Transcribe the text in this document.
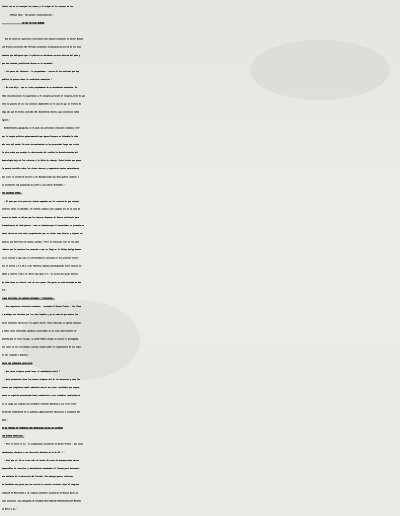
Cuales son en su concepto las causas y el origen de los sucesos de los

últimos días.- Son graves revolucionarias.-

NO HAY UN PLAN GENERAL

Uno de nuestros reporteros entrevistó esta mañana brevemente al doctor Manuel

sal Prieto,secretario del Partido socialista revolucionario,acerca de los movi

mientos que obligaron ayer la policía en distintos centros obreros del país y

que han causado justificada alarma en la sociedad.-

- Los paros dé, doctores - le preguntamos - acerca de las noticias que hoy

publica la prensa sobre la revolución comunista ?

- Ño creo dijo - que se trate propiamente de un movimiento comunista. En

todo caso,desconozca la ignorancia y el concepto personal al respecto,sería de que

ello no pasaría de ser una aventura deplorable en el caso de que se tratara de

algo más que de brotes aislados del descontento obrero,cuya existencia nadie

ignora.-

Evidentemente,agregó,hay en el país una gravísima situación económica crea-

por la inepta política gubernamental,que ignoró Europeo en Colombia,la vida

más cara del mundo. En esas circunstancias se ha presentado luego una crisis

la otra orden que produjo la destrucción del crédito,la desvalorización del

demorología baja de los salarios y la falta de trabajo. Estos hechos que pesan

la manera terrible sobre las clases obreras y campesinas,tenían naturalmente

que crear un estado de miseria y de desesperación que bien podría conducir a

un movimiento mal preparado,sin jefes y sin planes definidos.-

LOS SALARIOS AHORA.-

- El país,por otra parte,ha vivido engañado con la creencia de que existen

salarios altos en Colombia. Se citaban siempre como ejemplo los de la zona ba

nanera,en donde se afirma que los obreros disponen de dinero suficiente para

franquíciarse de todo género.- esto es fenómeno,que el encuestador se presenta,en

meses obrero,no sino entre propietarios que se visten como obreros y algunos ca-

pataces que disfrutan de buenos sueldos.- Pero la situación real de las mala

ridicas que la muestran los acuerdos a que se llegó en la última huelga banane

ra,en acuerdo a que,como en extraordinaria concesión,se les prometió elevar-

les el jornal a $ 1.20 y 1.25. Nosotros sabemos,distinguiendo entre salario no-

minal y salario real,a el obrero que gana $ 2.- lo cuesta dos pesos diarios

de vida,tiene un salario real de cero pesos. Esa gente se está muriendo de ham

bre.-

CLASE EXPLOTADA,SIN OBREROS,MISERABLE Y PERSEGUIDA.-

- Esa angustiosa situación económica - continúa el doctor Prieto - los llevó

a prodigar sus derechos por las vías legales y ya se sabe de que manera las

duras oficiales barrieron a la gente inerme. Esta situación se agravó entonces

y todas estas multitudes quedaron convertidas en la clase abiertamente ex-

plotada,que no tiene escape, no puede hablar porque su prensa es perseguida,

sus votos no son escrutados y porque cuando piden el cumplimiento de las leyes

se les responde a balazos.-

HACIA UNA VERDADERA REVOLUCION

- Que otros orígenes puede tener el movimiento actual ?

- Este movimiento tiene los mismos orígenes del de las bananeras y como las

causas que originaron aquel subsisten aún,no son estos resultados que segura-

mente se seguirán presentando hasta conducirnos a una verdadera revolución,si

no se acoge una urgente,una verdadera revisión absoluta,y una veraz trans-

formación fundamental de la política gubernamental financiera y económica del

país.-

SE HA TRATADO DE FINANCIAR UNA REVOLUCION SOCIAL EN COLOMBIA

CON DINERO AMERICANO./

- Pero se tiene en la - le preguntamos nuevamente al Doctor Prieto - que estos

movimientos obedecen a una dirección distinta de la de Ud. ? -

- Pues que sí. No se trata sólo de tratar de estos de desesperación obrero

impossibles de controlar y naturalmente condenados al fracaso,pero desconoce-

mos adelante de la dirección del Partido. Sin embargo,quiero referirme

un incidente muy grave que nos ocurrió en nuestro reciente viaje al congreso

sindical de Montevideo y al congreso político socialista de Buenos Aires,al

cual asistimos como delegados de Colombia Raúl Eduardo Mahecha,Moralía Matalla

na Neira y yo.-
